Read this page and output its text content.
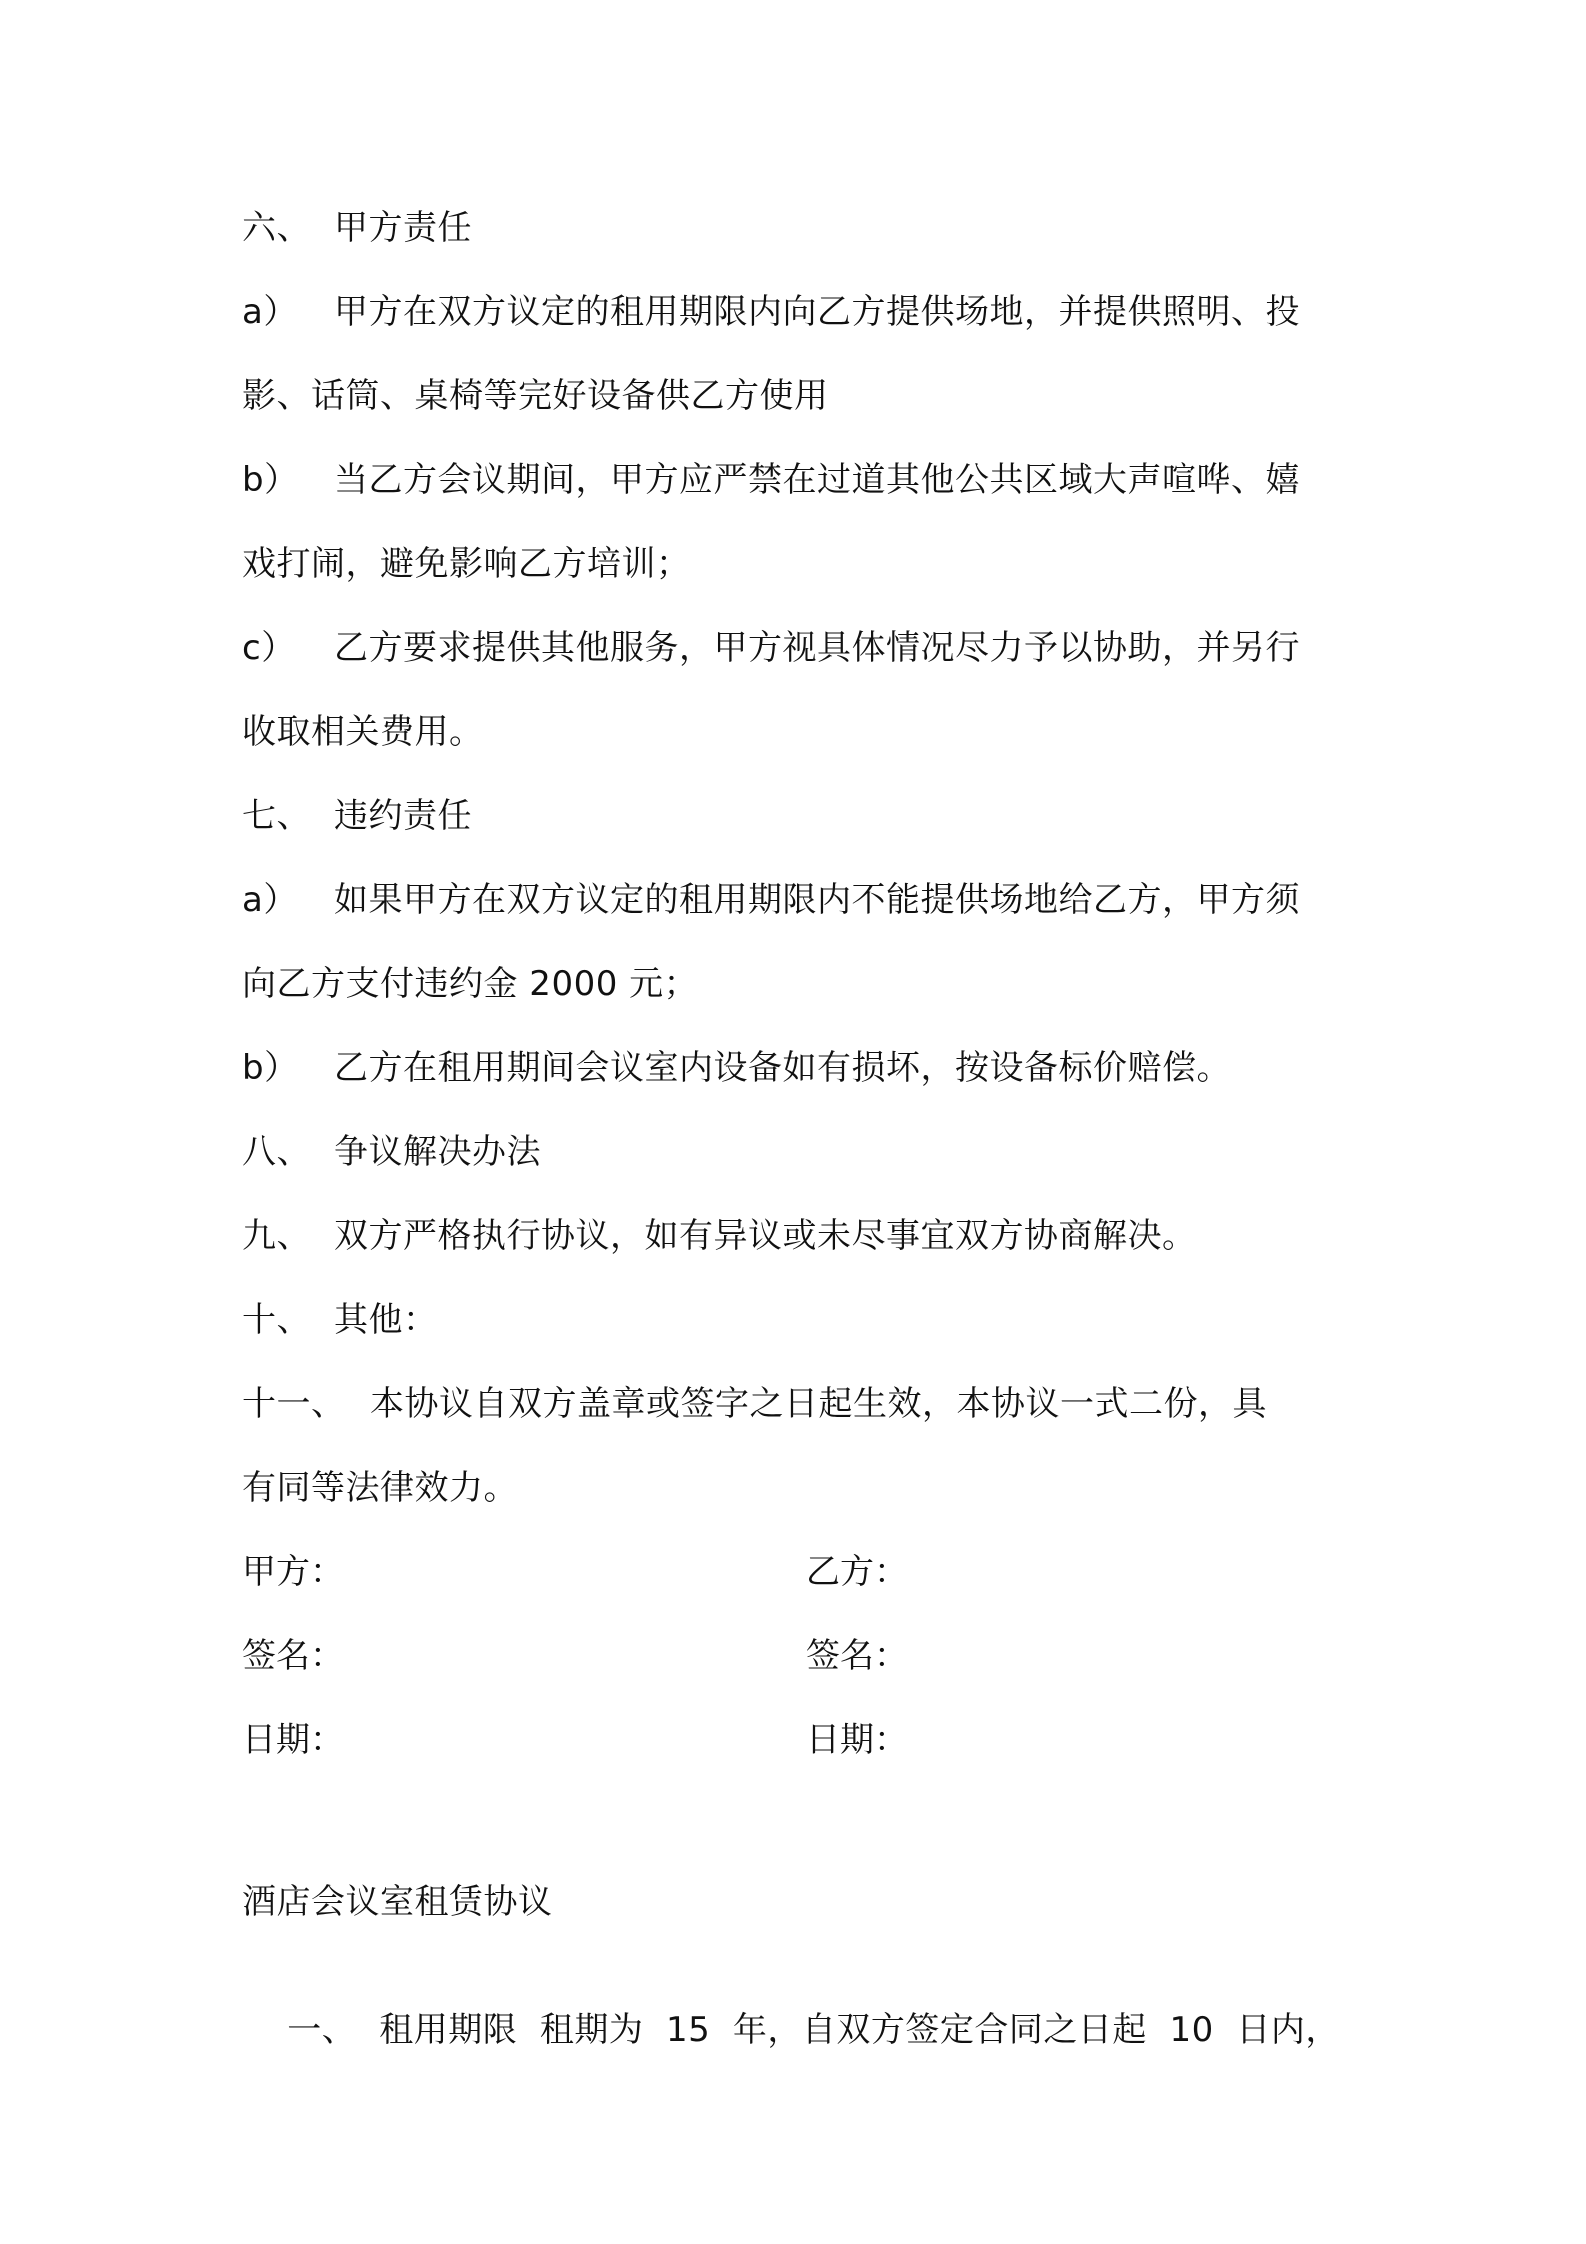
六、 甲方责任
a） 甲方在双方议定的租用期限内向乙方提供场地，并提供照明、投
影、话筒、桌椅等完好设备供乙方使用
b） 当乙方会议期间，甲方应严禁在过道其他公共区域大声喧哗、嬉
戏打闹，避免影响乙方培训；
c） 乙方要求提供其他服务，甲方视具体情况尽力予以协助，并另行
收取相关费用。
七、 违约责任
a） 如果甲方在双方议定的租用期限内不能提供场地给乙方，甲方须
向乙方支付违约金 2000 元；
b） 乙方在租用期间会议室内设备如有损坏，按设备标价赔偿。
八、 争议解决办法
九、 双方严格执行协议，如有异议或未尽事宜双方协商解决。
十、 其他：
十一、 本协议自双方盖章或签字之日起生效，本协议一式二份，具
有同等法律效力。
甲方：	乙方：
签名：	签名：
日期：	日期：
酒店会议室租赁协议

一、 租用期限  租期为  15  年，自双方签定合同之日起  10  日内，
